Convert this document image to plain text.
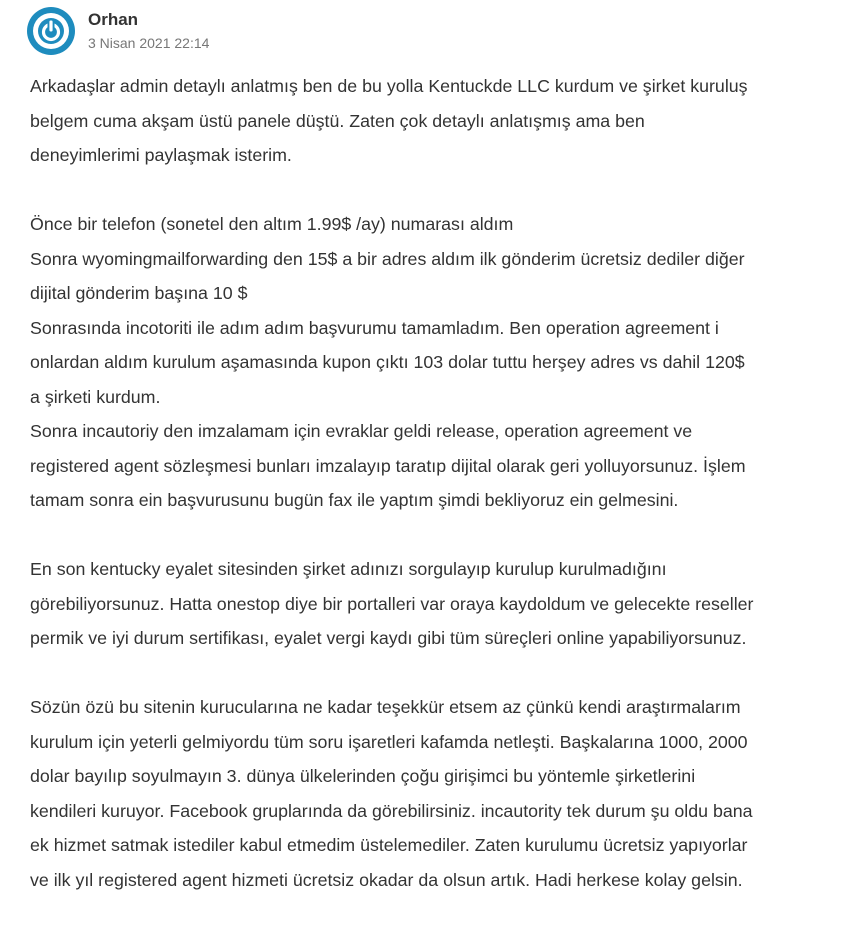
Orhan
3 Nisan 2021 22:14

Arkadaşlar admin detaylı anlatmış ben de bu yolla Kentuckde LLC kurdum ve şirket kuruluş
belgem cuma akşam üstü panele düştü. Zaten çok detaylı anlatışmış ama ben
deneyimlerimi paylaşmak isterim.

Önce bir telefon (sonetel den altım 1.99$ /ay) numarası aldım
Sonra wyomingmailforwarding den 15$ a bir adres aldım ilk gönderim ücretsiz dediler diğer
dijital gönderim başına 10 $
Sonrasında incotoriti ile adım adım başvurumu tamamladım. Ben operation agreement i
onlardan aldım kurulum aşamasında kupon çıktı 103 dolar tuttu herşey adres vs dahil 120$
a şirketi kurdum.
Sonra incautoriy den imzalamam için evraklar geldi release, operation agreement ve
registered agent sözleşmesi bunları imzalayıp taratıp dijital olarak geri yolluyorsunuz. İşlem
tamam sonra ein başvurusunu bugün fax ile yaptım şimdi bekliyoruz ein gelmesini.

En son kentucky eyalet sitesinden şirket adınızı sorgulayıp kurulup kurulmadığını
görebiliyorsunuz. Hatta onestop diye bir portalleri var oraya kaydoldum ve gelecekte reseller
permik ve iyi durum sertifikası, eyalet vergi kaydı gibi tüm süreçleri online yapabiliyorsunuz.

Sözün özü bu sitenin kurucularına ne kadar teşekkür etsem az çünkü kendi araştırmalarım
kurulum için yeterli gelmiyordu tüm soru işaretleri kafamda netleşti. Başkalarına 1000, 2000
dolar bayılıp soyulmayın 3. dünya ülkelerinden çoğu girişimci bu yöntemle şirketlerini
kendileri kuruyor. Facebook gruplarında da görebilirsiniz. incautority tek durum şu oldu bana
ek hizmet satmak istediler kabul etmedim üstelemediler. Zaten kurulumu ücretsiz yapıyorlar
ve ilk yıl registered agent hizmeti ücretsiz okadar da olsun artık. Hadi herkese kolay gelsin.
